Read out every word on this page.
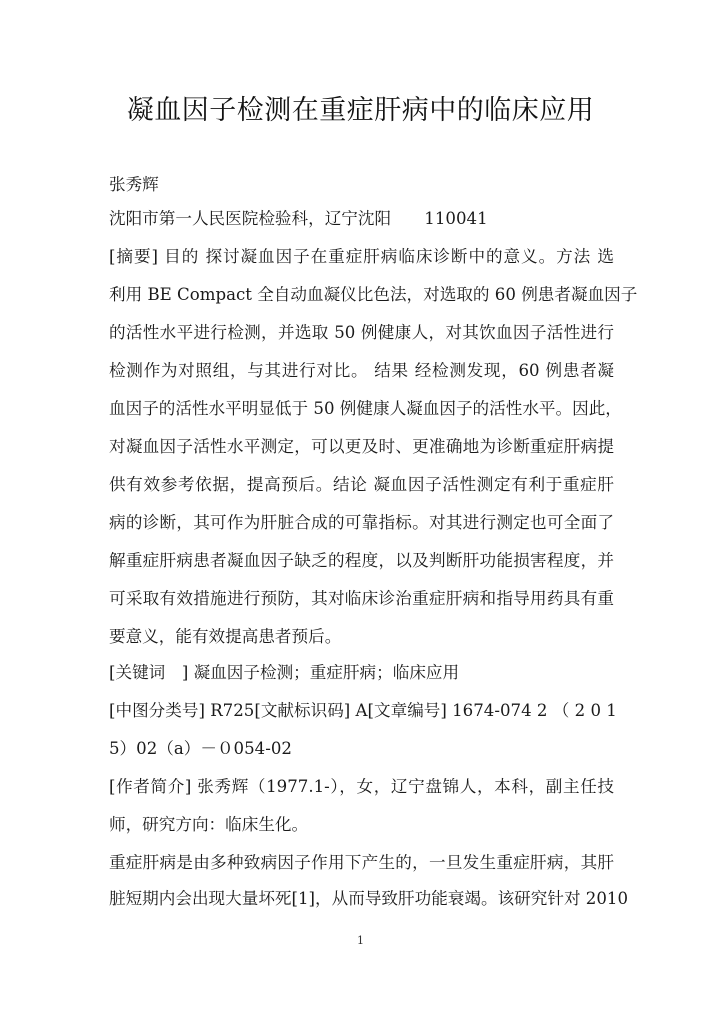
凝血因子检测在重症肝病中的临床应用
张秀辉
沈阳市第一人民医院检验科，辽宁沈阳　　110041
[摘要] 目的 探讨凝血因子在重症肝病临床诊断中的意义。方法 选
利用 BE Compact 全自动血凝仪比色法，对选取的 60 例患者凝血因子
的活性水平进行检测，并选取 50 例健康人，对其饮血因子活性进行
检测作为对照组，与其进行对比。 结果 经检测发现，60 例患者凝
血因子的活性水平明显低于 50 例健康人凝血因子的活性水平。因此，
对凝血因子活性水平测定，可以更及时、更准确地为诊断重症肝病提
供有效参考依据，提高预后。结论 凝血因子活性测定有利于重症肝
病的诊断，其可作为肝脏合成的可靠指标。对其进行测定也可全面了
解重症肝病患者凝血因子缺乏的程度，以及判断肝功能损害程度，并
可采取有效措施进行预防，其对临床诊治重症肝病和指导用药具有重
要意义，能有效提高患者预后。
[关键词　] 凝血因子检测；重症肝病；临床应用
[中图分类号] R725[文献标识码] A[文章编号] 1674-074 2 （ 2 0 1
5）02（a）－０054-02
[作者简介] 张秀辉（1977.1-），女，辽宁盘锦人，本科，副主任技
师，研究方向：临床生化。
重症肝病是由多种致病因子作用下产生的，一旦发生重症肝病，其肝
脏短期内会出现大量坏死[1]，从而导致肝功能衰竭。该研究针对 2010
1
